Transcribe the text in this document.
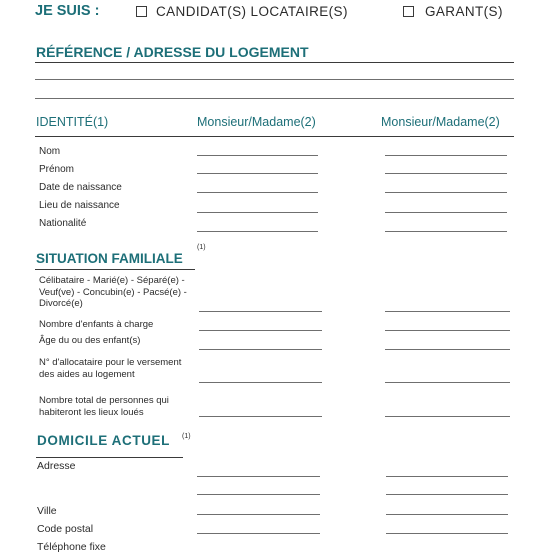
JE SUIS :	CANDIDAT(S) LOCATAIRE(S)	GARANT(S)
RÉFÉRENCE / ADRESSE DU LOGEMENT
IDENTITÉ(1)	Monsieur/Madame(2)	Monsieur/Madame(2)
Nom
Prénom
Date de naissance
Lieu de naissance
Nationalité
SITUATION FAMILIALE
(1)
Célibataire - Marié(e) - Séparé(e) -
Veuf(ve) - Concubin(e) - Pacsé(e) -
Divorcé(e)
Nombre d'enfants à charge
Âge du ou des enfant(s)
N° d'allocataire pour le versement
des aides au logement
Nombre total de personnes qui
habiteront les lieux loués
DOMICILE ACTUEL (1)
Adresse
Ville
Code postal
Téléphone fixe
